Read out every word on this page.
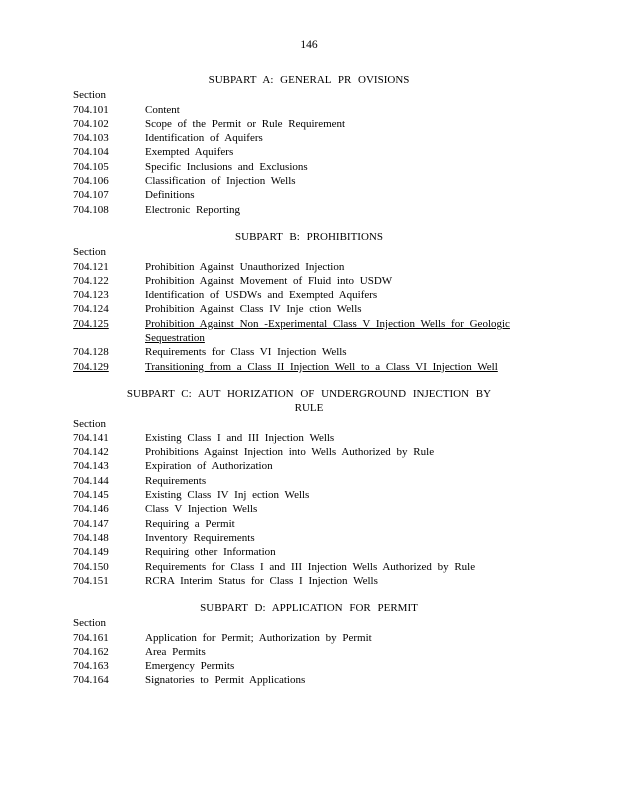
146
SUBPART A: GENERAL PR OVISIONS
Section
704.101	Content
704.102	Scope of the Permit or Rule Requirement
704.103	Identification of Aquifers
704.104	Exempted Aquifers
704.105	Specific Inclusions and Exclusions
704.106	Classification of Injection Wells
704.107	Definitions
704.108	Electronic Reporting
SUBPART B: PROHIBITIONS
Section
704.121	Prohibition Against Unauthorized Injection
704.122	Prohibition Against Movement of Fluid into USDW
704.123	Identification of USDWs and Exempted Aquifers
704.124	Prohibition Against Class IV Inje ction Wells
704.125	Prohibition Against Non -Experimental Class V Injection Wells for Geologic
Sequestration
704.128	Requirements for Class VI Injection Wells
704.129	Transitioning from a Class II Injection Well to a Class VI Injection Well
SUBPART C: AUT HORIZATION OF UNDERGROUND INJECTION BY RULE
Section
704.141	Existing Class I and III Injection Wells
704.142	Prohibitions Against Injection into Wells Authorized by Rule
704.143	Expiration of Authorization
704.144	Requirements
704.145	Existing Class IV Inj ection Wells
704.146	Class V Injection Wells
704.147	Requiring a Permit
704.148	Inventory Requirements
704.149	Requiring other Information
704.150	Requirements for Class I and III Injection Wells Authorized by Rule
704.151	RCRA Interim Status for Class I Injection Wells
SUBPART D: APPLICATION FOR PERMIT
Section
704.161	Application for Permit; Authorization by Permit
704.162	Area Permits
704.163	Emergency Permits
704.164	Signatories to Permit Applications
